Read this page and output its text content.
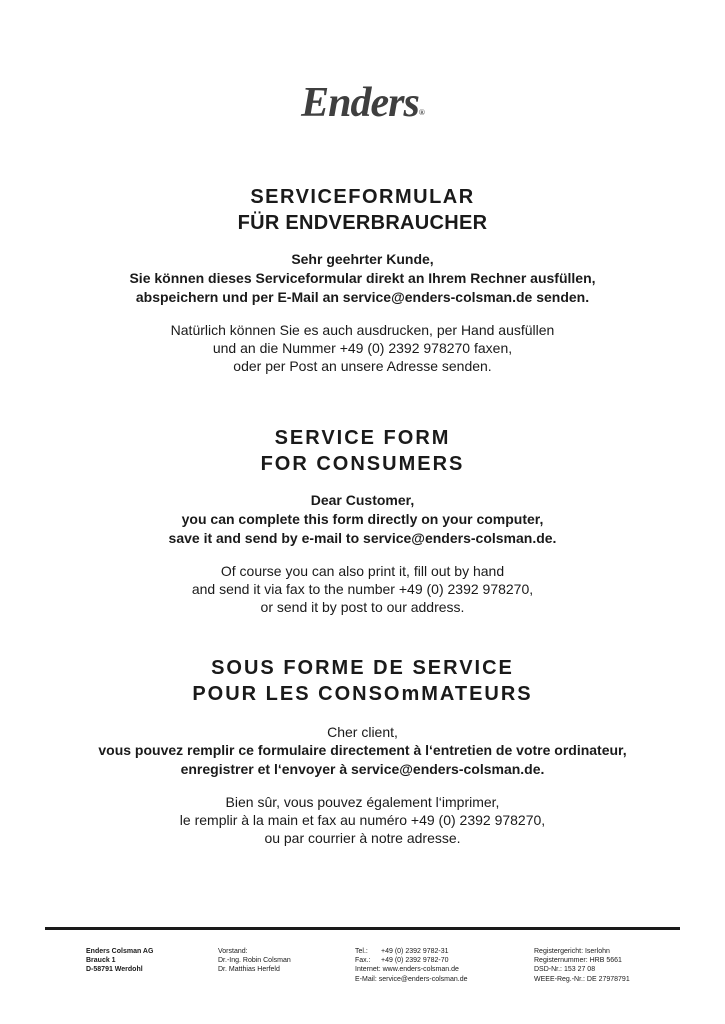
Enders®
SERVICEFORMULAR
FÜR ENDVERBRAUCHER
Sehr geehrter Kunde,
Sie können dieses Serviceformular direkt an Ihrem Rechner ausfüllen,
abspeichern und per E-Mail an service@enders-colsman.de senden.
Natürlich können Sie es auch ausdrucken, per Hand ausfüllen
und an die Nummer +49 (0) 2392 978270 faxen,
oder per Post an unsere Adresse senden.
SERVICE FORM
FOR CONSUMERS
Dear Customer,
you can complete this form directly on your computer,
save it and send by e-mail to service@enders-colsman.de.
Of course you can also print it, fill out by hand
and send it via fax to the number +49 (0) 2392 978270,
or send it by post to our address.
SOUS FORME DE SERVICE
POUR LES CONSOmMATEURS
Cher client,
vous pouvez remplir ce formulaire directement à l‘entretien de votre ordinateur,
enregistrer et l‘envoyer à service@enders-colsman.de.
Bien sûr, vous pouvez également l‘imprimer,
le remplir à la main et fax au numéro +49 (0) 2392 978270,
ou par courrier à notre adresse.
Enders Colsman AG
Brauck 1
D-58791 Werdohl
Vorstand:
Dr.-Ing. Robin Colsman
Dr. Matthias Herfeld
Tel.: +49 (0) 2392 9782-31
Fax.: +49 (0) 2392 9782-70
Internet: www.enders-colsman.de
E-Mail: service@enders-colsman.de
Registergericht: Iserlohn
Registernummer: HRB 5661
DSD-Nr.: 153 27 08
WEEE-Reg.-Nr.: DE 27978791
